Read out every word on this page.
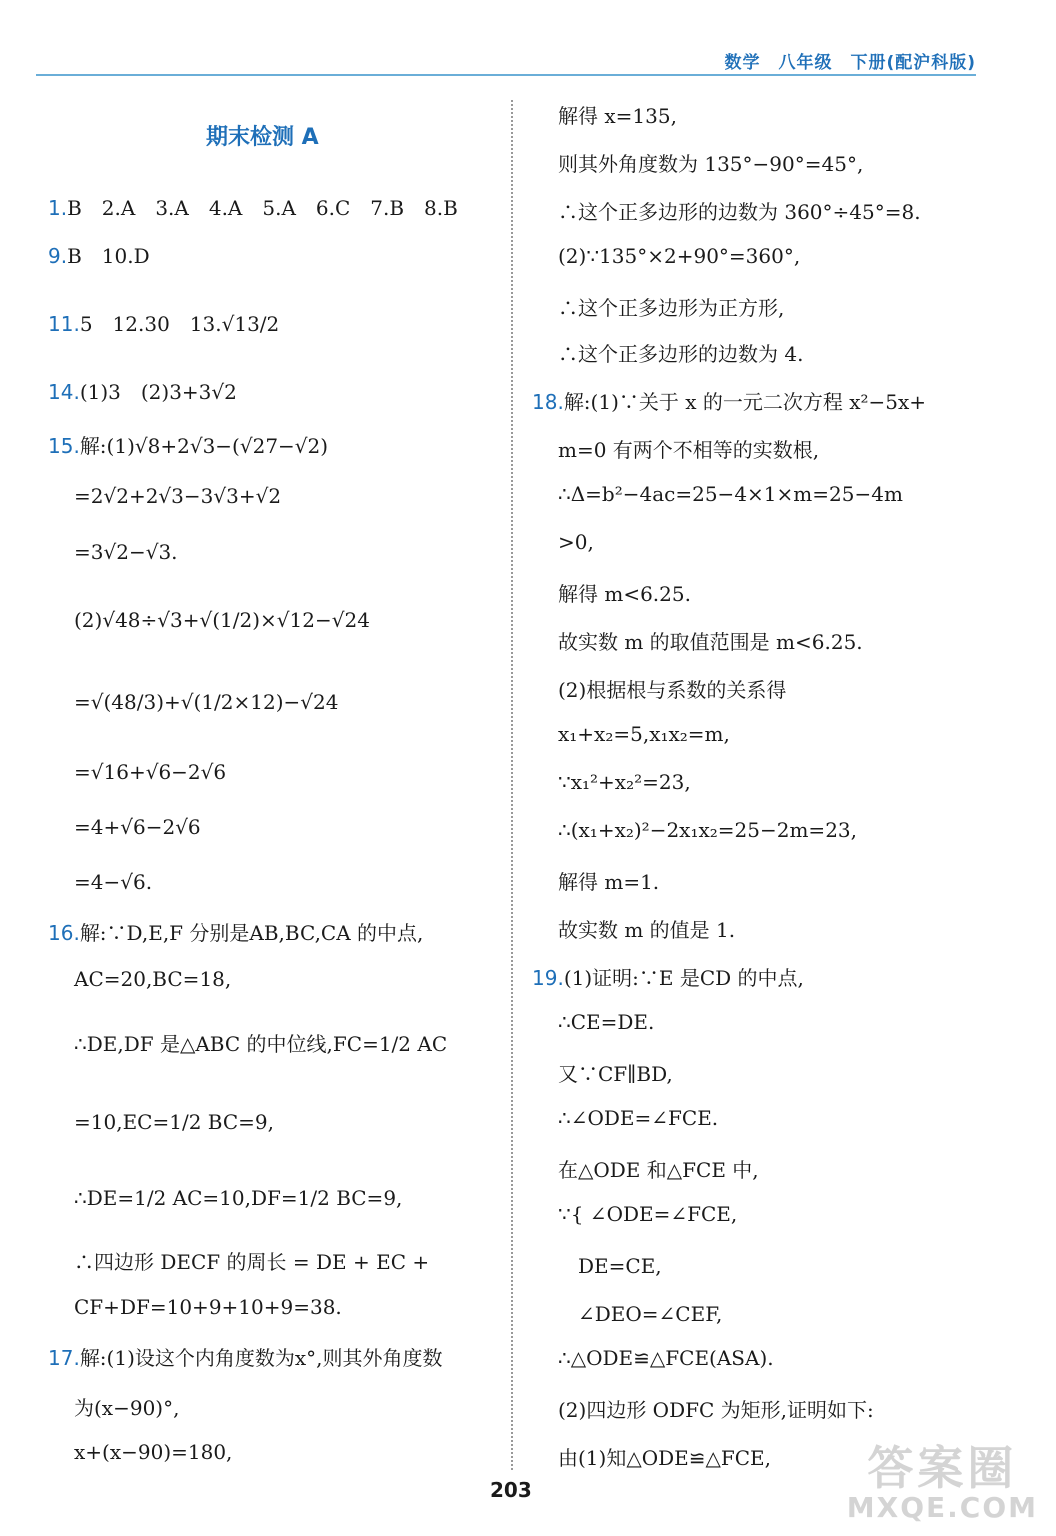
数学　八年级　下册(配沪科版)
期末检测 A
1.B　2.A　3.A　4.A　5.A　6.C　7.B　8.B
9.B　10.D
11.5　12.30　13.√13/2
14.(1)3　(2)3+3√2
15.解:(1)√8+2√3−(√27−√2)
=2√2+2√3−3√3+√2
=3√2−√3.
(2)√48÷√3+√(1/2)×√12−√24
=√(48/3)+√(1/2×12)−√24
=√16+√6−2√6
=4+√6−2√6
=4−√6.
16.解:∵D,E,F 分别是AB,BC,CA 的中点,
AC=20,BC=18,
∴DE,DF 是△ABC 的中位线,FC=1/2 AC
=10,EC=1/2 BC=9,
∴DE=1/2 AC=10,DF=1/2 BC=9,
∴四边形 DECF 的周长 = DE + EC +
CF+DF=10+9+10+9=38.
17.解:(1)设这个内角度数为x°,则其外角度数
为(x−90)°,
x+(x−90)=180,
解得 x=135,
则其外角度数为 135°−90°=45°,
∴这个正多边形的边数为 360°÷45°=8.
(2)∵135°×2+90°=360°,
∴这个正多边形为正方形,
∴这个正多边形的边数为 4.
18.解:(1)∵关于 x 的一元二次方程 x²−5x+
m=0 有两个不相等的实数根,
∴Δ=b²−4ac=25−4×1×m=25−4m
>0,
解得 m<6.25.
故实数 m 的取值范围是 m<6.25.
(2)根据根与系数的关系得
x₁+x₂=5,x₁x₂=m,
∵x₁²+x₂²=23,
∴(x₁+x₂)²−2x₁x₂=25−2m=23,
解得 m=1.
故实数 m 的值是 1.
19.(1)证明:∵E 是CD 的中点,
∴CE=DE.
又∵CF∥BD,
∴∠ODE=∠FCE.
在△ODE 和△FCE 中,
∵{ ∠ODE=∠FCE,
　DE=CE,
　∠DEO=∠CEF,
∴△ODE≌△FCE(ASA).
(2)四边形 ODFC 为矩形,证明如下:
由(1)知△ODE≌△FCE,
203	答案圈
MXQE.COM
